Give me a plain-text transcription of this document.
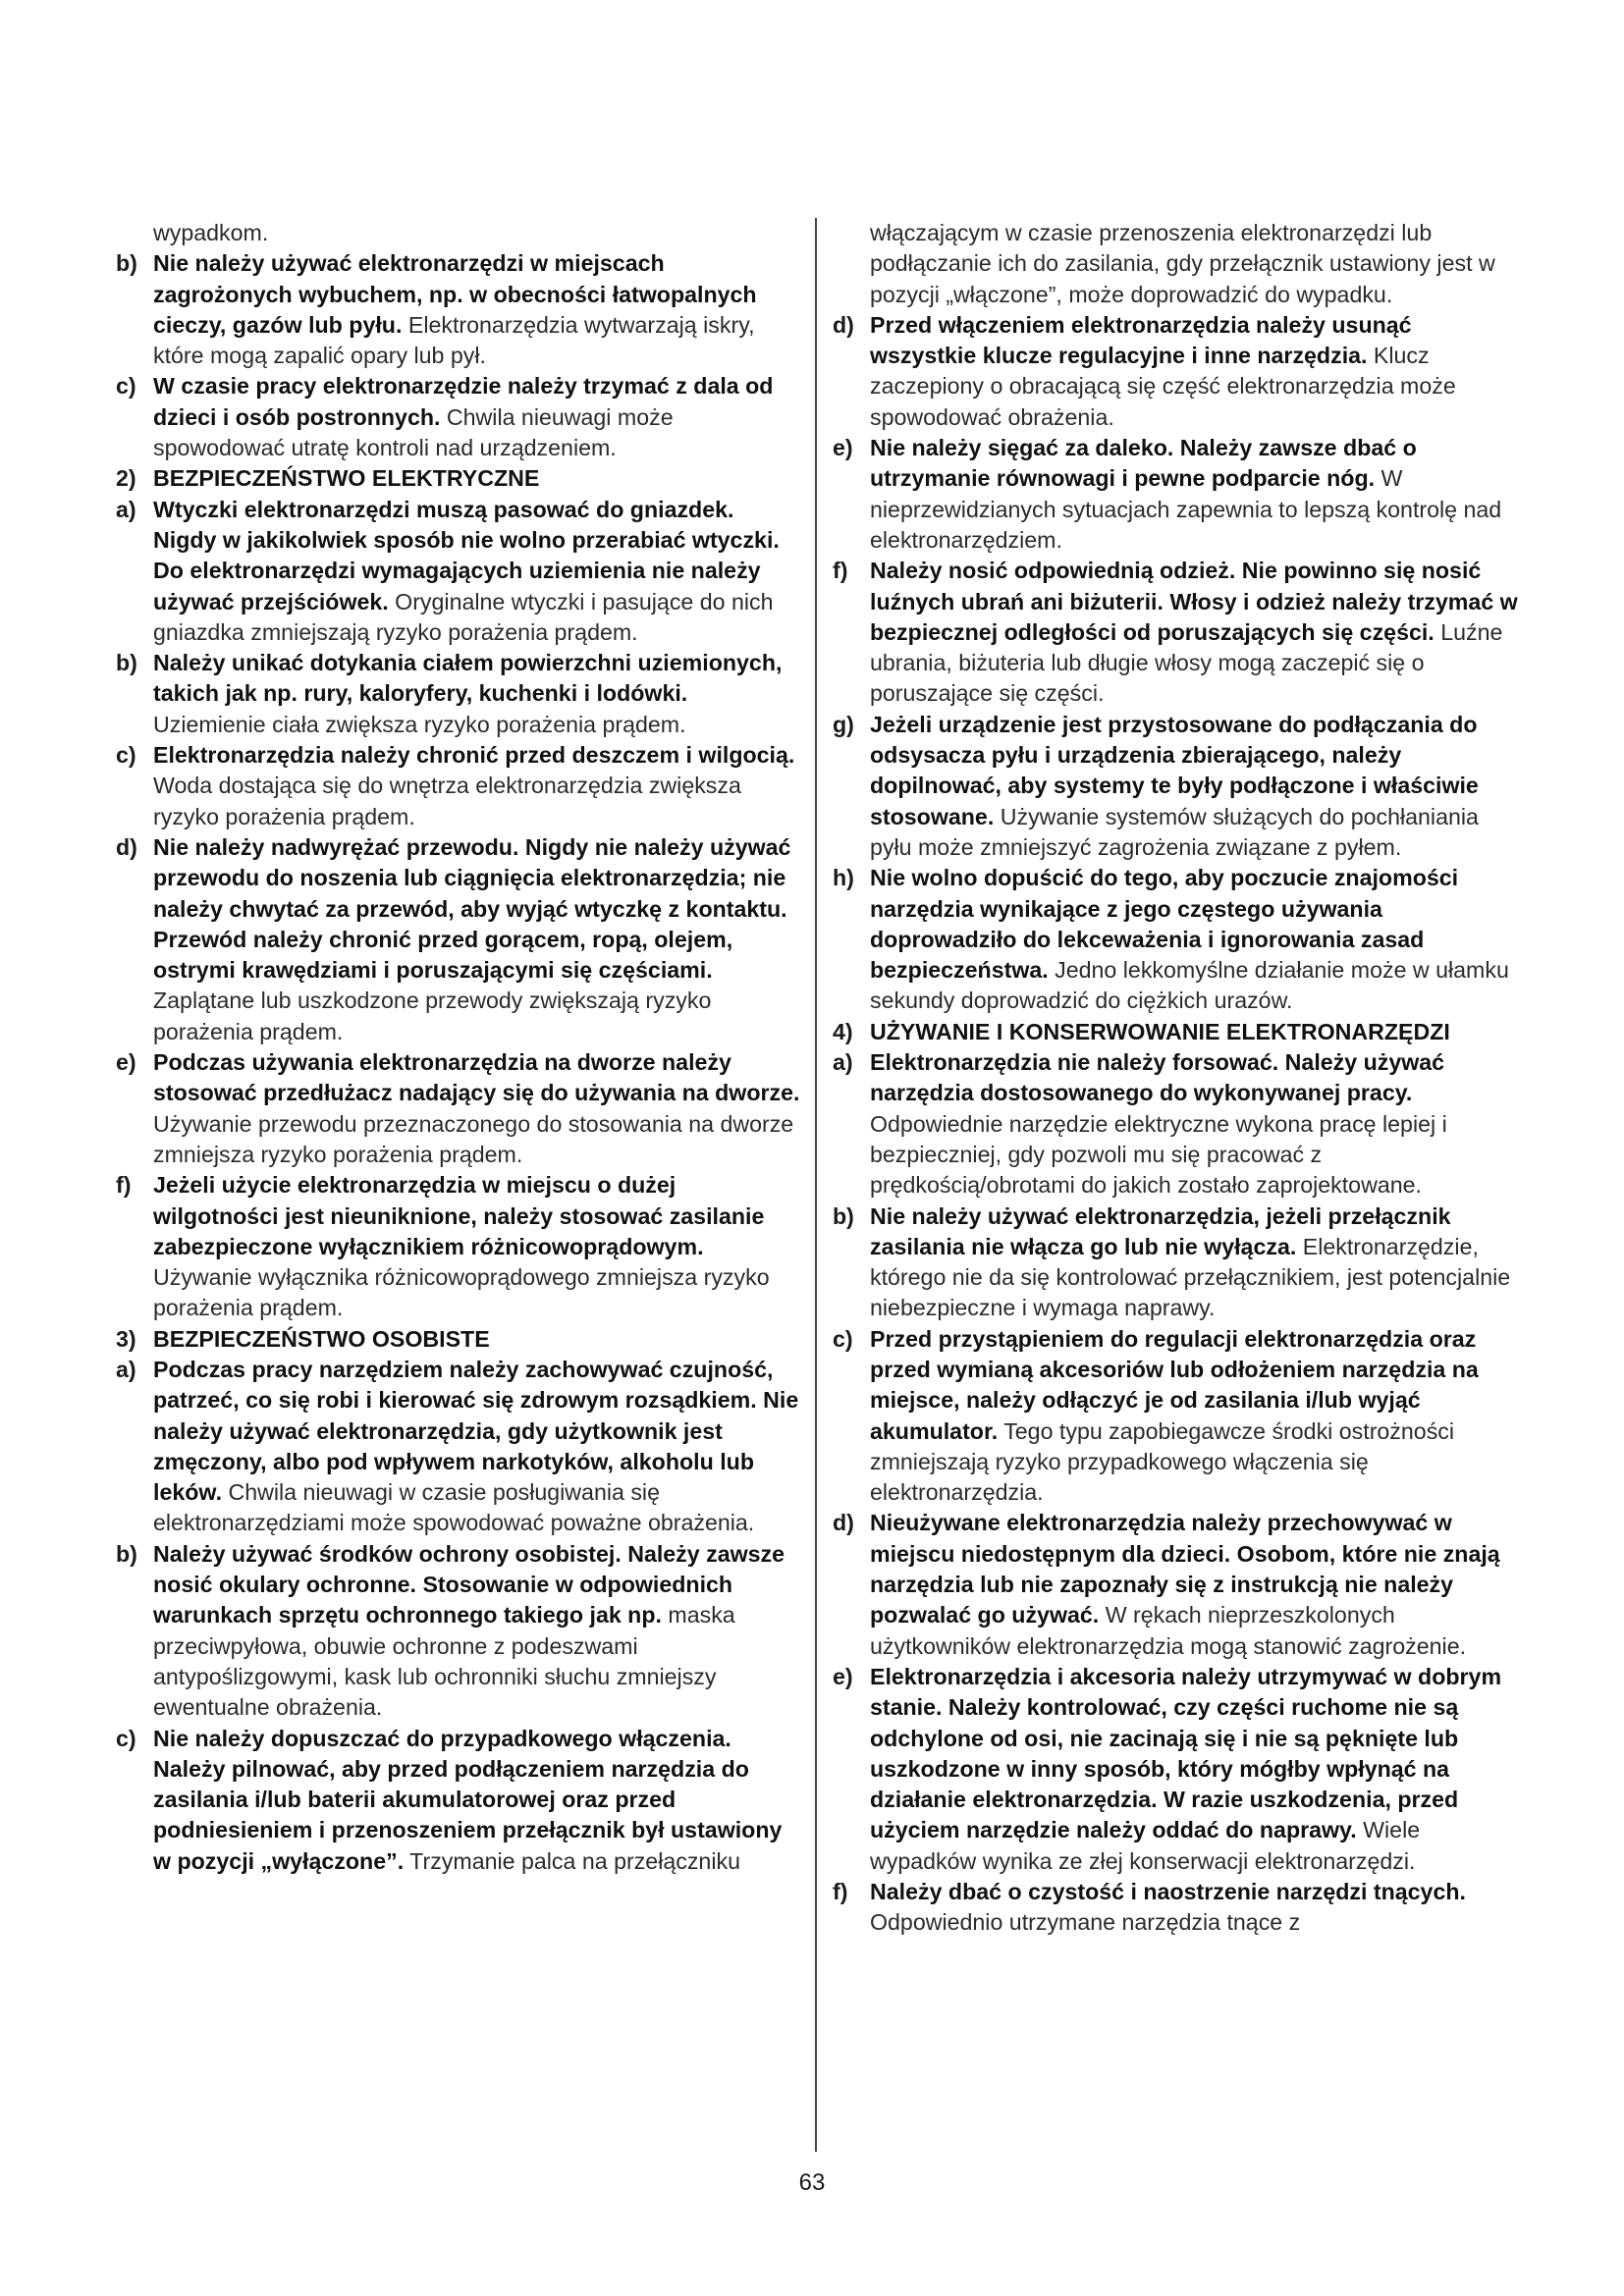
wypadkom.
b) Nie należy używać elektronarzędzi w miejscach zagrożonych wybuchem, np. w obecności łatwopalnych cieczy, gazów lub pyłu. Elektronarzędzia wytwarzają iskry, które mogą zapalić opary lub pył.
c) W czasie pracy elektronarzędzie należy trzymać z dala od dzieci i osób postronnych. Chwila nieuwagi może spowodować utratę kontroli nad urządzeniem.
2) BEZPIECZEŃSTWO ELEKTRYCZNE
a) Wtyczki elektronarzędzi muszą pasować do gniazdek. Nigdy w jakikolwiek sposób nie wolno przerabiać wtyczki. Do elektronarzędzi wymagających uziemienia nie należy używać przejściówek. Oryginalne wtyczki i pasujące do nich gniazdka zmniejszają ryzyko porażenia prądem.
b) Należy unikać dotykania ciałem powierzchni uziemionych, takich jak np. rury, kaloryfery, kuchenki i lodówki. Uziemienie ciała zwiększa ryzyko porażenia prądem.
c) Elektronarzędzia należy chronić przed deszczem i wilgocią. Woda dostająca się do wnętrza elektronarzędzia zwiększa ryzyko porażenia prądem.
d) Nie należy nadwyrężać przewodu. Nigdy nie należy używać przewodu do noszenia lub ciągnięcia elektronarzędzia; nie należy chwytać za przewód, aby wyjąć wtyczkę z kontaktu. Przewód należy chronić przed gorącem, ropą, olejem, ostrymi krawędziami i poruszającymi się częściami. Zaplątane lub uszkodzone przewody zwiększają ryzyko porażenia prądem.
e) Podczas używania elektronarzędzia na dworze należy stosować przedłużacz nadający się do używania na dworze. Używanie przewodu przeznaczonego do stosowania na dworze zmniejsza ryzyko porażenia prądem.
f) Jeżeli użycie elektronarzędzia w miejscu o dużej wilgotności jest nieuniknione, należy stosować zasilanie zabezpieczone wyłącznikiem różnicowoprądowym. Używanie wyłącznika różnicowoprądowego zmniejsza ryzyko porażenia prądem.
3) BEZPIECZEŃSTWO OSOBISTE
a) Podczas pracy narzędziem należy zachowywać czujność, patrzeć, co się robi i kierować się zdrowym rozsądkiem. Nie należy używać elektronarzędzia, gdy użytkownik jest zmęczony, albo pod wpływem narkotyków, alkoholu lub leków. Chwila nieuwagi w czasie posługiwania się elektronarzędziami może spowodować poważne obrażenia.
b) Należy używać środków ochrony osobistej. Należy zawsze nosić okulary ochronne. Stosowanie w odpowiednich warunkach sprzętu ochronnego takiego jak np. maska przeciwpyłowa, obuwie ochronne z podeszwami antypoślizgowymi, kask lub ochronniki słuchu zmniejszy ewentualne obrażenia.
c) Nie należy dopuszczać do przypadkowego włączenia. Należy pilnować, aby przed podłączeniem narzędzia do zasilania i/lub baterii akumulatorowej oraz przed podniesieniem i przenoszeniem przełącznik był ustawiony w pozycji „wyłączone”. Trzymanie palca na przełączniku
włączającym w czasie przenoszenia elektronarzędzi lub podłączanie ich do zasilania, gdy przełącznik ustawiony jest w pozycji „włączone”, może doprowadzić do wypadku.
d) Przed włączeniem elektronarzędzia należy usunąć wszystkie klucze regulacyjne i inne narzędzia. Klucz zaczepiony o obracającą się część elektronarzędzia może spowodować obrażenia.
e) Nie należy sięgać za daleko. Należy zawsze dbać o utrzymanie równowagi i pewne podparcie nóg. W nieprzewidzianych sytuacjach zapewnia to lepszą kontrolę nad elektronarzędziem.
f) Należy nosić odpowiednią odzież. Nie powinno się nosić luźnych ubrań ani biżuterii. Włosy i odzież należy trzymać w bezpiecznej odległości od poruszających się części. Luźne ubrania, biżuteria lub długie włosy mogą zaczepić się o poruszające się części.
g) Jeżeli urządzenie jest przystosowane do podłączania do odsysacza pyłu i urządzenia zbierającego, należy dopilnować, aby systemy te były podłączone i właściwie stosowane. Używanie systemów służących do pochłaniania pyłu może zmniejszyć zagrożenia związane z pyłem.
h) Nie wolno dopuścić do tego, aby poczucie znajomości narzędzia wynikające z jego częstego używania doprowadziło do lekceważenia i ignorowania zasad bezpieczeństwa. Jedno lekkomyślne działanie może w ułamku sekundy doprowadzić do ciężkich urazów.
4) UŻYWANIE I KONSERWOWANIE ELEKTRONARZĘDZI
a) Elektronarzędzia nie należy forsować. Należy używać narzędzia dostosowanego do wykonywanej pracy. Odpowiednie narzędzie elektryczne wykona pracę lepiej i bezpieczniej, gdy pozwoli mu się pracować z prędkością/obrotami do jakich zostało zaprojektowane.
b) Nie należy używać elektronarzędzia, jeżeli przełącznik zasilania nie włącza go lub nie wyłącza. Elektronarzędzie, którego nie da się kontrolować przełącznikiem, jest potencjalnie niebezpieczne i wymaga naprawy.
c) Przed przystąpieniem do regulacji elektronarzędzia oraz przed wymianą akcesoriów lub odłożeniem narzędzia na miejsce, należy odłączyć je od zasilania i/lub wyjąć akumulator. Tego typu zapobiegawcze środki ostrożności zmniejszają ryzyko przypadkowego włączenia się elektronarzędzia.
d) Nieużywane elektronarzędzia należy przechowywać w miejscu niedostępnym dla dzieci. Osobom, które nie znają narzędzia lub nie zapoznały się z instrukcją nie należy pozwalać go używać. W rękach nieprzeszkolonych użytkowników elektronarzędzia mogą stanowić zagrożenie.
e) Elektronarzędzia i akcesoria należy utrzymywać w dobrym stanie. Należy kontrolować, czy części ruchome nie są odchylone od osi, nie zacinają się i nie są pęknięte lub uszkodzone w inny sposób, który mógłby wpłynąć na działanie elektronarzędzia. W razie uszkodzenia, przed użyciem narzędzie należy oddać do naprawy. Wiele wypadków wynika ze złej konserwacji elektronarzędzi.
f) Należy dbać o czystość i naostrzenie narzędzi tnących. Odpowiednio utrzymane narzędzia tnące z
63
